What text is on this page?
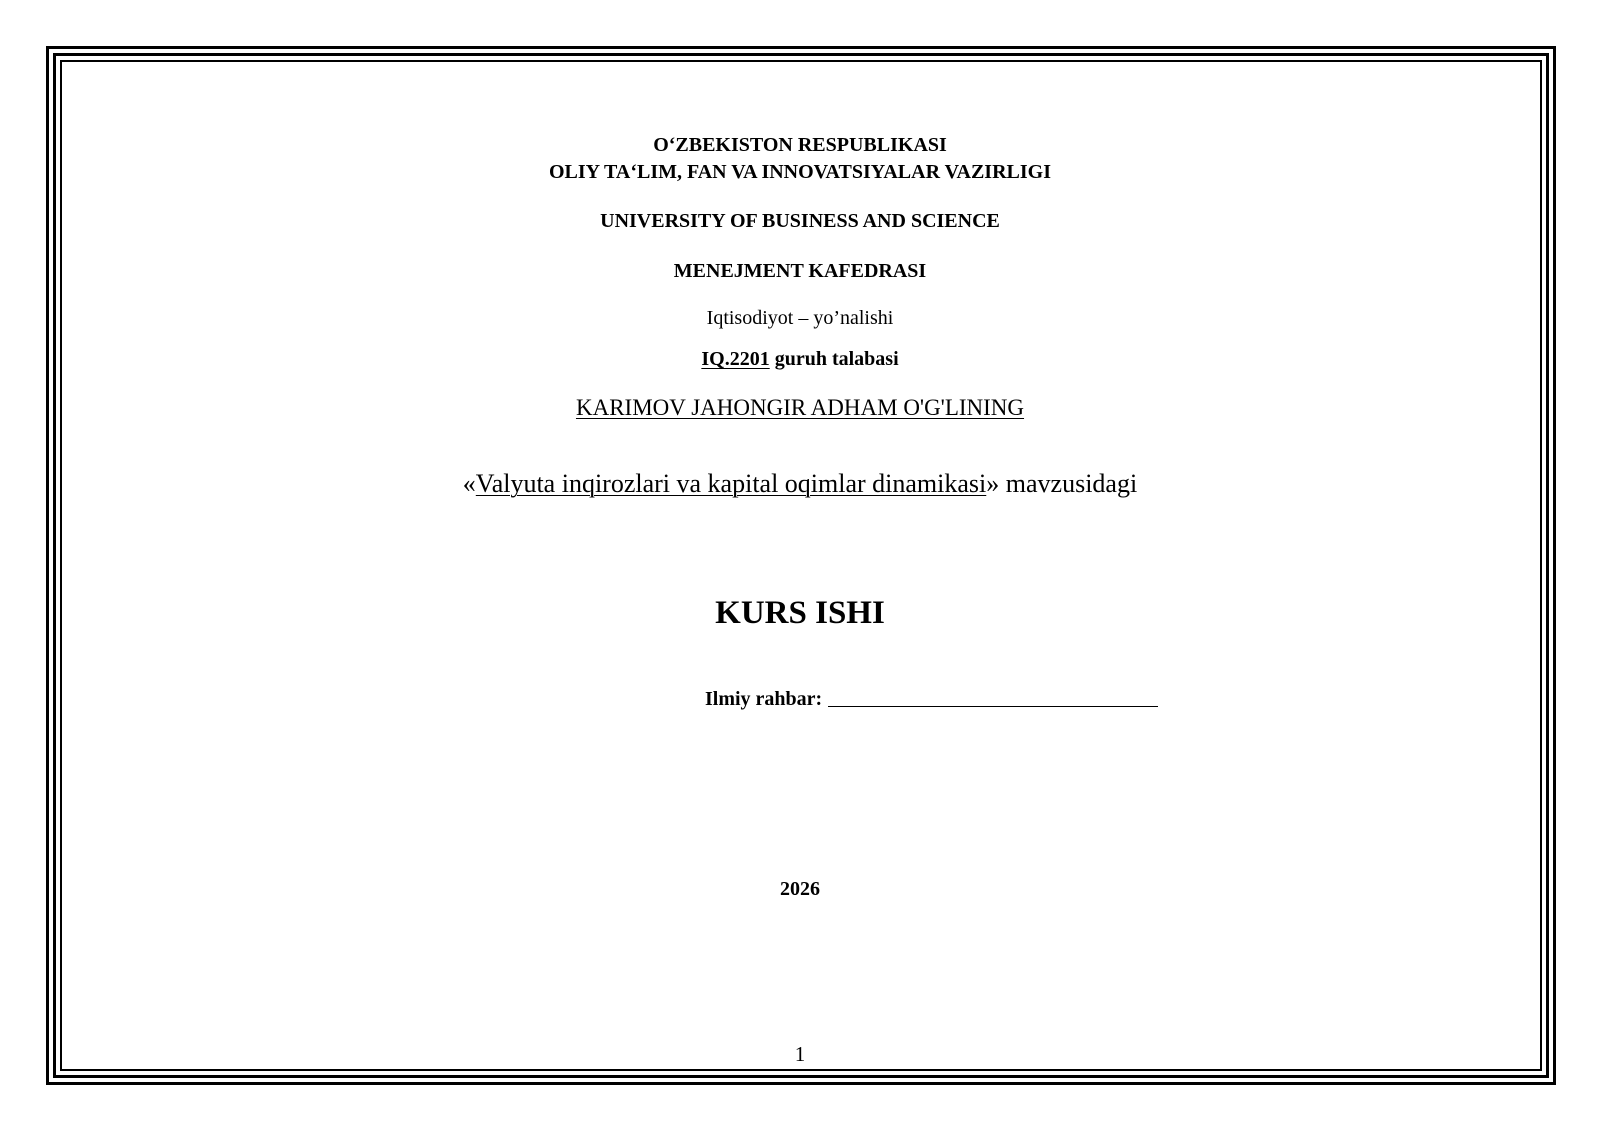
O‘ZBEKISTON RESPUBLIKASI
OLIY TA‘LIM, FAN VA INNOVATSIYALAR VAZIRLIGI
UNIVERSITY OF BUSINESS AND SCIENCE
MENEJMENT KAFEDRASI
Iqtisodiyot – yo’nalishi
IQ.2201 guruh talabasi
KARIMOV JAHONGIR ADHAM O'G'LINING
«Valyuta inqirozlari va kapital oqimlar dinamikasi» mavzusidagi
KURS ISHI
Ilmiy rahbar:
2026
1
